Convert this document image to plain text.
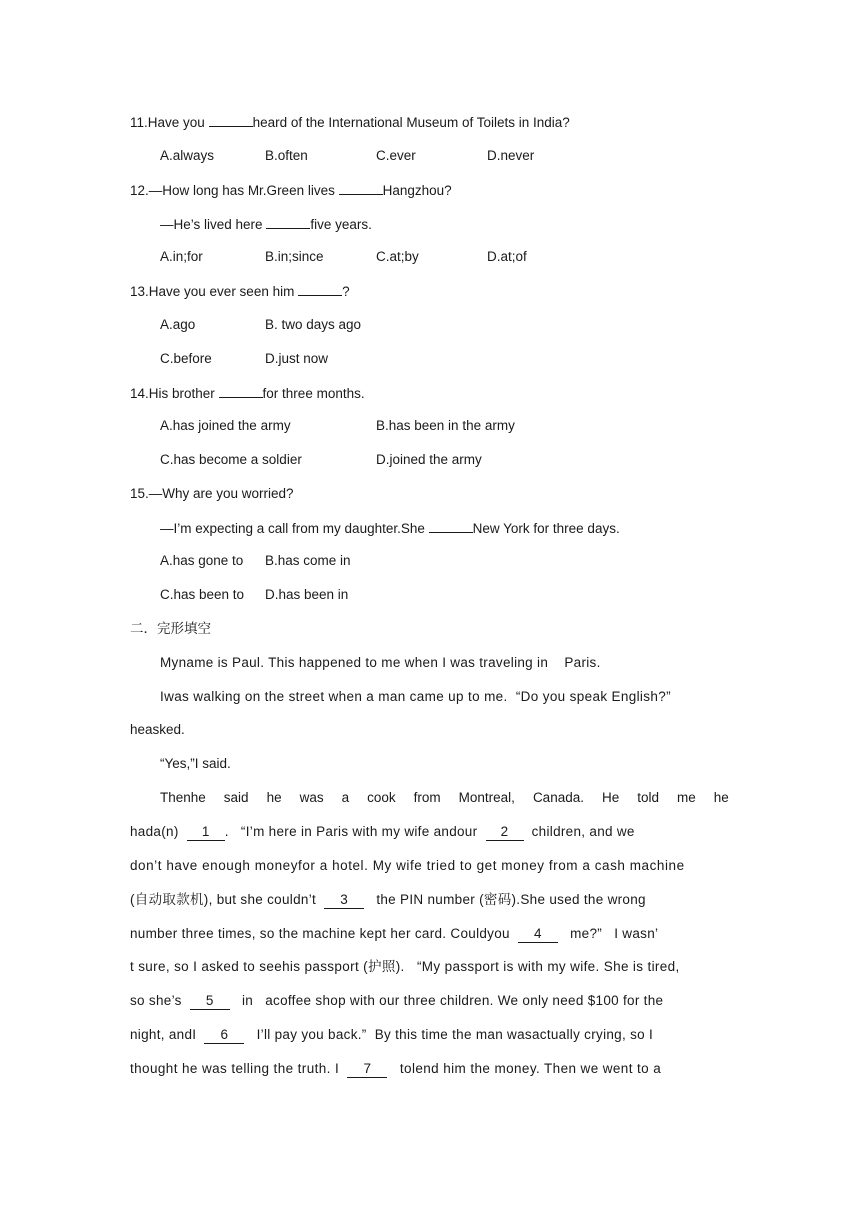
11.Have you	heard of the International Museum of Toilets in India?
A.always	B.often	C.ever	D.never
12.—How long has Mr.Green lives	Hangzhou?
—He’s lived here	five years.
A.in;for	B.in;since	C.at;by	D.at;of
13.Have you ever seen him	?
A.ago	B. two days ago
C.before	D.just now
14.His brother	for three months.
A.has joined the army	B.has been in the army
C.has become a soldier	D.joined the army
15.—Why are you worried?
—I’m expecting a call from my daughter.She	New York for three days.
A.has gone to B.has come in
C.has been to D.has been in
二．完形填空
Myname is Paul. This happened to me when I was traveling in    Paris.
Iwas walking on the street when a man came up to me.  “Do you speak English?”
heasked.
“Yes,”I said.
Thenhe said he was a cook from Montreal, Canada. He told me he
hada(n)  1 .   “I’m here in Paris with my wife andour  2  children, and we
don’t have enough moneyfor a hotel. My wife tried to get money from a cash machine
(自动取款机), but she couldn’t  3   the PIN number (密码).She used the wrong
number three times, so the machine kept her card. Couldyou  4   me?”   I wasn’
t sure, so I asked to seehis passport (护照).   “My passport is with my wife. She is tired,
so she’s  5   in   acoffee shop with our three children. We only need $100 for the
night, andI  6   I’ll pay you back.”  By this time the man wasactually crying, so I
thought he was telling the truth. I  7   tolend him the money. Then we went to a
